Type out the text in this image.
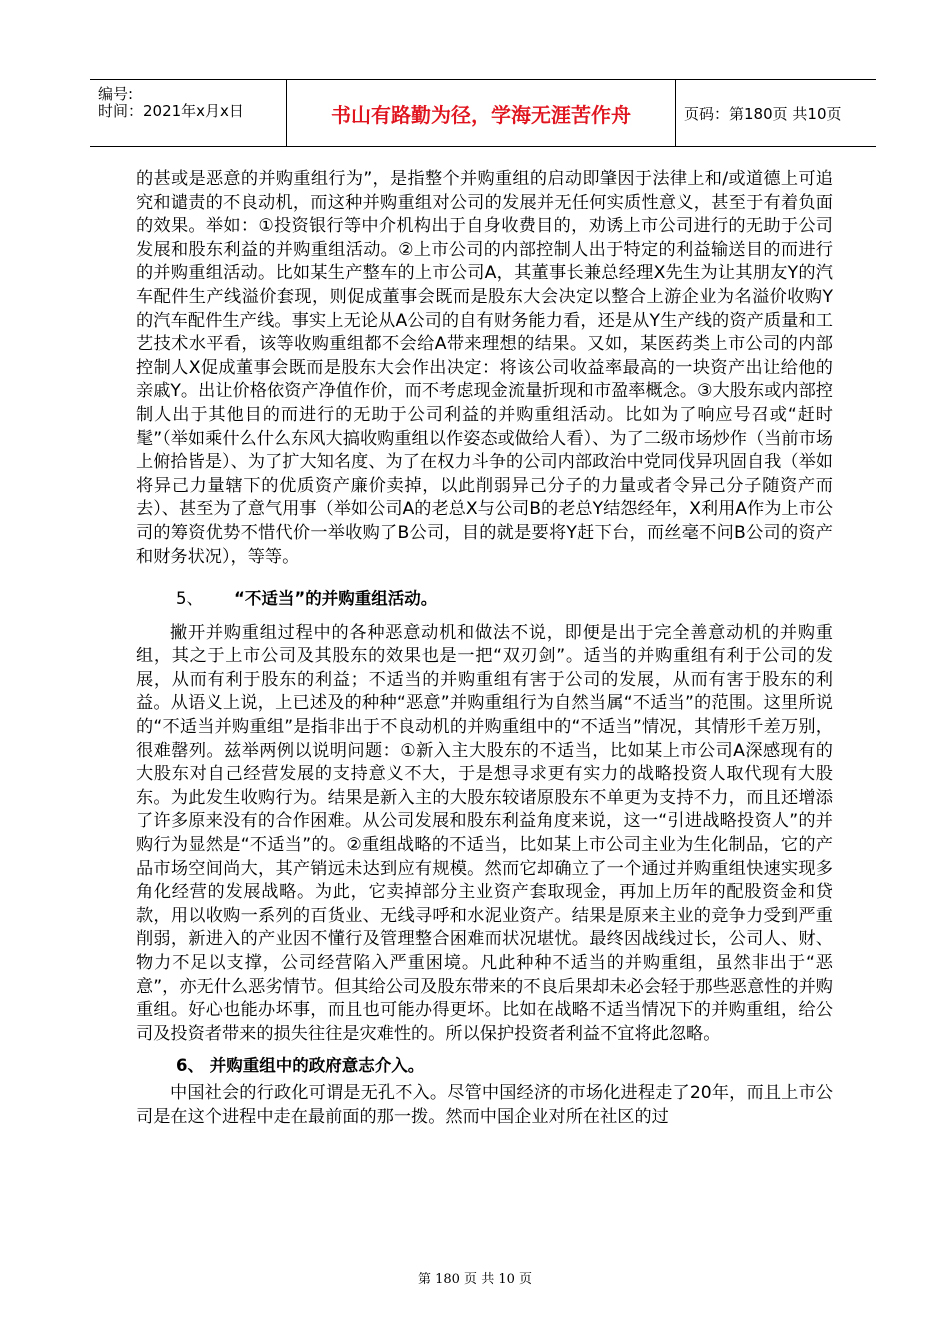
编号:
时间：2021年x月x日	书山有路勤为径，学海无涯苦作舟	页码：第180页 共10页

的甚或是恶意的并购重组行为”，是指整个并购重组的启动即肇因于法律上和/或道德上可追究和谴责的不良动机，而这种并购重组对公司的发展并无任何实质性意义，甚至于有着负面的效果。举如：①投资银行等中介机构出于自身收费目的，劝诱上市公司进行的无助于公司发展和股东利益的并购重组活动。②上市公司的内部控制人出于特定的利益输送目的而进行的并购重组活动。比如某生产整车的上市公司A，其董事长兼总经理X先生为让其朋友Y的汽车配件生产线溢价套现，则促成董事会既而是股东大会决定以整合上游企业为名溢价收购Y的汽车配件生产线。事实上无论从A公司的自有财务能力看，还是从Y生产线的资产质量和工艺技术水平看，该等收购重组都不会给A带来理想的结果。又如，某医药类上市公司的内部控制人X促成董事会既而是股东大会作出决定：将该公司收益率最高的一块资产出让给他的亲戚Y。出让价格依资产净值作价，而不考虑现金流量折现和市盈率概念。③大股东或内部控制人出于其他目的而进行的无助于公司利益的并购重组活动。比如为了响应号召或“赶时髦”（举如乘什么什么东风大搞收购重组以作姿态或做给人看）、为了二级市场炒作（当前市场上俯拾皆是）、为了扩大知名度、为了在权力斗争的公司内部政治中党同伐异巩固自我（举如将异己力量辖下的优质资产廉价卖掉，以此削弱异己分子的力量或者令异己分子随资产而去）、甚至为了意气用事（举如公司A的老总X与公司B的老总Y结怨经年，X利用A作为上市公司的筹资优势不惜代价一举收购了B公司，目的就是要将Y赶下台，而丝毫不问B公司的资产和财务状况），等等。

5、 “不适当”的并购重组活动。

撇开并购重组过程中的各种恶意动机和做法不说，即便是出于完全善意动机的并购重组，其之于上市公司及其股东的效果也是一把“双刃剑”。适当的并购重组有利于公司的发展，从而有利于股东的利益；不适当的并购重组有害于公司的发展，从而有害于股东的利益。从语义上说，上已述及的种种“恶意”并购重组行为自然当属“不适当”的范围。这里所说的“不适当并购重组”是指非出于不良动机的并购重组中的“不适当”情况，其情形千差万别，很难罄列。兹举两例以说明问题：①新入主大股东的不适当，比如某上市公司A深感现有的大股东对自己经营发展的支持意义不大，于是想寻求更有实力的战略投资人取代现有大股东。为此发生收购行为。结果是新入主的大股东较诸原股东不单更为支持不力，而且还增添了许多原来没有的合作困难。从公司发展和股东利益角度来说，这一“引进战略投资人”的并购行为显然是“不适当”的。②重组战略的不适当，比如某上市公司主业为生化制品，它的产品市场空间尚大，其产销远未达到应有规模。然而它却确立了一个通过并购重组快速实现多角化经营的发展战略。为此，它卖掉部分主业资产套取现金，再加上历年的配股资金和贷款，用以收购一系列的百货业、无线寻呼和水泥业资产。结果是原来主业的竞争力受到严重削弱，新进入的产业因不懂行及管理整合困难而状况堪忧。最终因战线过长，公司人、财、物力不足以支撑，公司经营陷入严重困境。凡此种种不适当的并购重组，虽然非出于“恶意”，亦无什么恶劣情节。但其给公司及股东带来的不良后果却未必会轻于那些恶意性的并购重组。好心也能办坏事，而且也可能办得更坏。比如在战略不适当情况下的并购重组，给公司及投资者带来的损失往往是灾难性的。所以保护投资者利益不宜将此忽略。

6、 并购重组中的政府意志介入。

中国社会的行政化可谓是无孔不入。尽管中国经济的市场化进程走了20年，而且上市公司是在这个进程中走在最前面的那一拨。然而中国企业对所在社区的过

第 180 页 共 10 页
